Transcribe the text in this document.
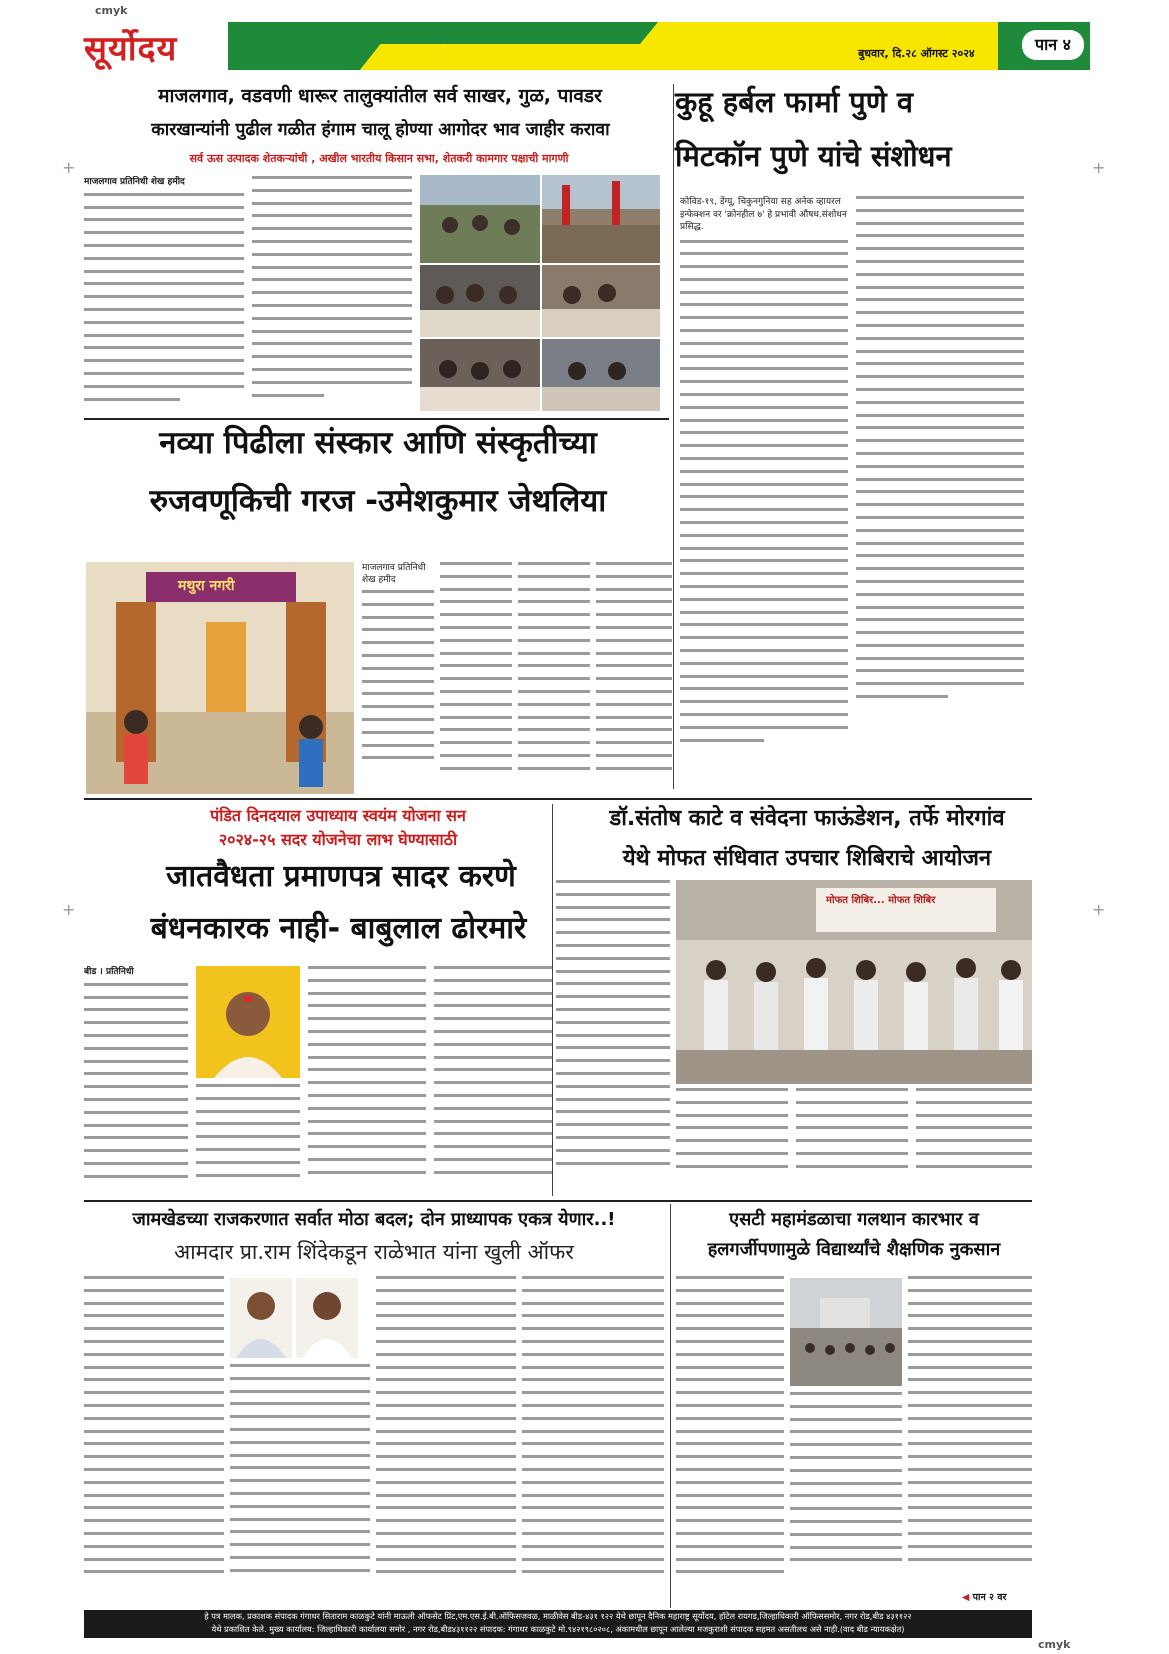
cmyk
cmyk
सूर्योदय	बुधवार, दि.२८ ऑगस्ट २०२४	पान ४
माजलगाव, वडवणी धारूर तालुक्यांतील सर्व साखर, गुळ, पावडर
कारखान्यांनी पुढील गळीत हंगाम चालू होण्या आगोदर भाव जाहीर करावा
सर्व ऊस उत्पादक शेतकऱ्यांची , अखील भारतीय किसान सभा, शेतकरी कामगार पक्षाची मागणी
माजलगाव प्रतिनिधी शेख हमीद
कुहू हर्बल फार्मा पुणे व
मिटकॉन पुणे यांचे संशोधन
कोविड-१९, डेंग्यू, चिकुनगुनिया सह अनेक व्हायरल इन्फेक्शन वर 'क्रोनहील ७' हे प्रभावी औषध.संशोधन प्रसिद्ध.
नव्या पिढीला संस्कार आणि संस्कृतीच्या
रुजवणूकिची गरज -उमेशकुमार जेथलिया
मथुरा नगरी
माजलगाव प्रतिनिधी शेख हमीद
पंडित दिनदयाल उपाध्याय स्वयंम योजना सन
२०२४-२५ सदर योजनेचा लाभ घेण्यासाठी
जातवैधता प्रमाणपत्र सादर करणे
बंधनकारक नाही- बाबुलाल ढोरमारे
बीड । प्रतिनिधी
डॉ.संतोष काटे व संवेदना फाऊंडेशन, तर्फे मोरगांव
येथे मोफत संधिवात उपचार शिबिराचे आयोजन
मोफत शिबिर... मोफत शिबिर
जामखेडच्या राजकरणात सर्वात मोठा बदल; दोन प्राध्यापक एकत्र येणार..!
आमदार प्रा.राम शिंदेकडून राळेभात यांना खुली ऑफर
एसटी महामंडळाचा गलथान कारभार व
हलगर्जीपणामुळे विद्यार्थ्यांचे शैक्षणिक नुकसान
◀ पान २ वर
हे पत्र मालक, प्रकाशक संपादक गंगाधर सिताराम काळकुटे यांनी माऊली ऑफसेट प्रिंट,एम.एस.ई.बी.ऑफिसजवळ, माळीवेस बीड-४३१ १२२ येथे छापून दैनिक महाराष्ट्र सूर्योदय, हॉटेल रायगड,जिल्हाधिकारी ऑफिससमोर, नगर रोड,बीड ४३११२२
येथे प्रकाशित केले. मुख्य कार्यालय: जिल्हाधिकारी कार्यालया समोर , नगर रोड,बीड४३११२२ संपादक: गंगाधर काळकुटे मो.९४२१९८०२०८, अंकामधील छापून आलेल्या मजकुराशी संपादक सहमत असतीलच असे नाही.(वाद बीड न्यायकक्षेत)
+	+
+	+
